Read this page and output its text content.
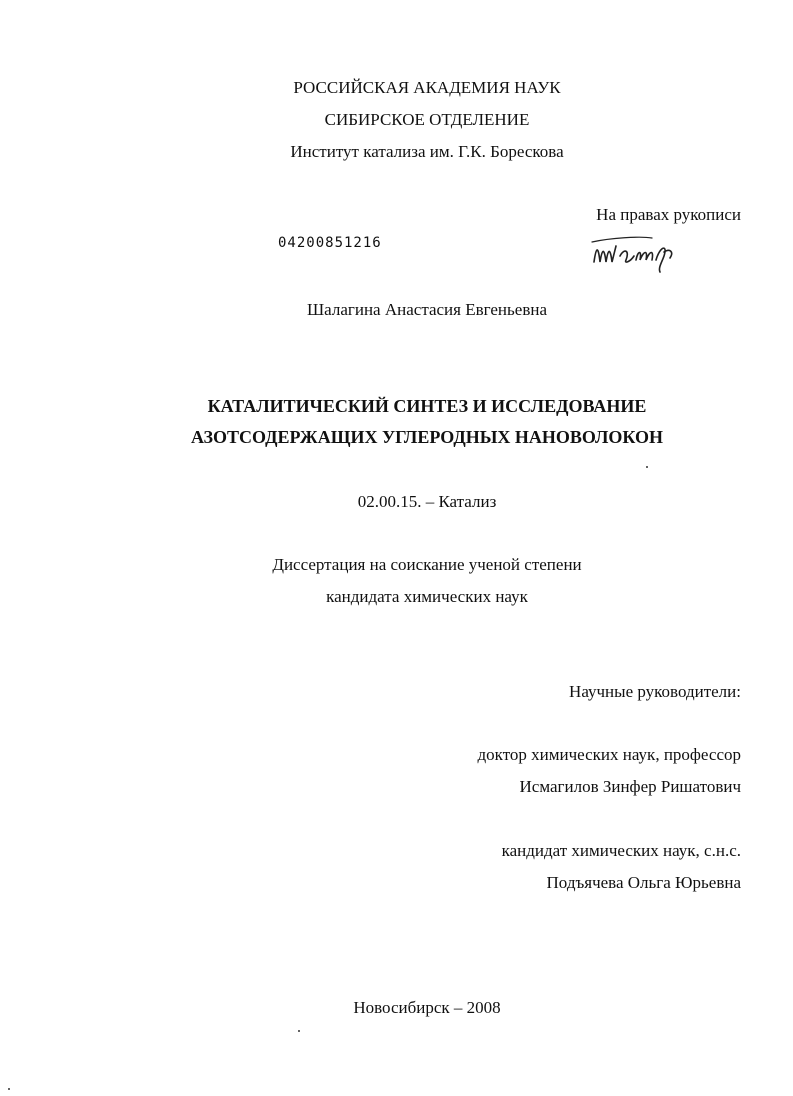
РОССИЙСКАЯ АКАДЕМИЯ НАУК
СИБИРСКОЕ ОТДЕЛЕНИЕ
Институт катализа им. Г.К. Борескова
На правах рукописи
04200851216
Шалагина Анастасия Евгеньевна
КАТАЛИТИЧЕСКИЙ СИНТЕЗ И ИССЛЕДОВАНИЕ
АЗОТСОДЕРЖАЩИХ УГЛЕРОДНЫХ НАНОВОЛОКОН
02.00.15. – Катализ
Диссертация на соискание ученой степени
кандидата химических наук
Научные руководители:
доктор химических наук, профессор
Исмагилов Зинфер Ришатович
кандидат химических наук, с.н.с.
Подъячева Ольга Юрьевна
Новосибирск – 2008
